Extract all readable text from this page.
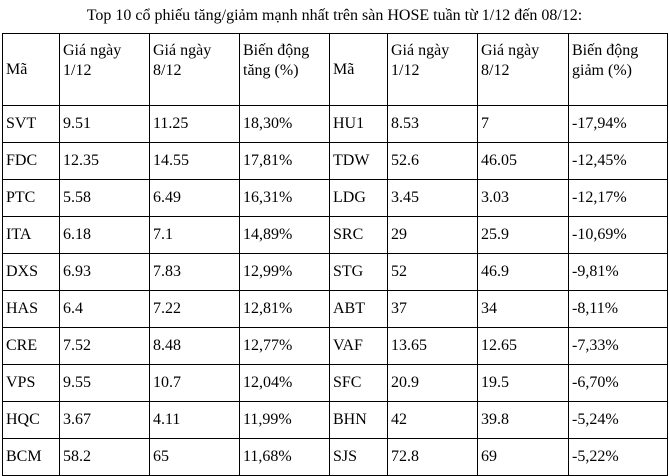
Top 10 cổ phiếu tăng/giảm mạnh nhất trên sàn HOSE tuần từ 1/12 đến 08/12:
Mã	Giá ngày 1/12	Giá ngày 8/12	Biến động tăng (%)	Mã	Giá ngày 1/12	Giá ngày 8/12	Biến động giảm (%)
SVT	9.51	11.25	18,30%	HU1	8.53	7	-17,94%
FDC	12.35	14.55	17,81%	TDW	52.6	46.05	-12,45%
PTC	5.58	6.49	16,31%	LDG	3.45	3.03	-12,17%
ITA	6.18	7.1	14,89%	SRC	29	25.9	-10,69%
DXS	6.93	7.83	12,99%	STG	52	46.9	-9,81%
HAS	6.4	7.22	12,81%	ABT	37	34	-8,11%
CRE	7.52	8.48	12,77%	VAF	13.65	12.65	-7,33%
VPS	9.55	10.7	12,04%	SFC	20.9	19.5	-6,70%
HQC	3.67	4.11	11,99%	BHN	42	39.8	-5,24%
BCM	58.2	65	11,68%	SJS	72.8	69	-5,22%
